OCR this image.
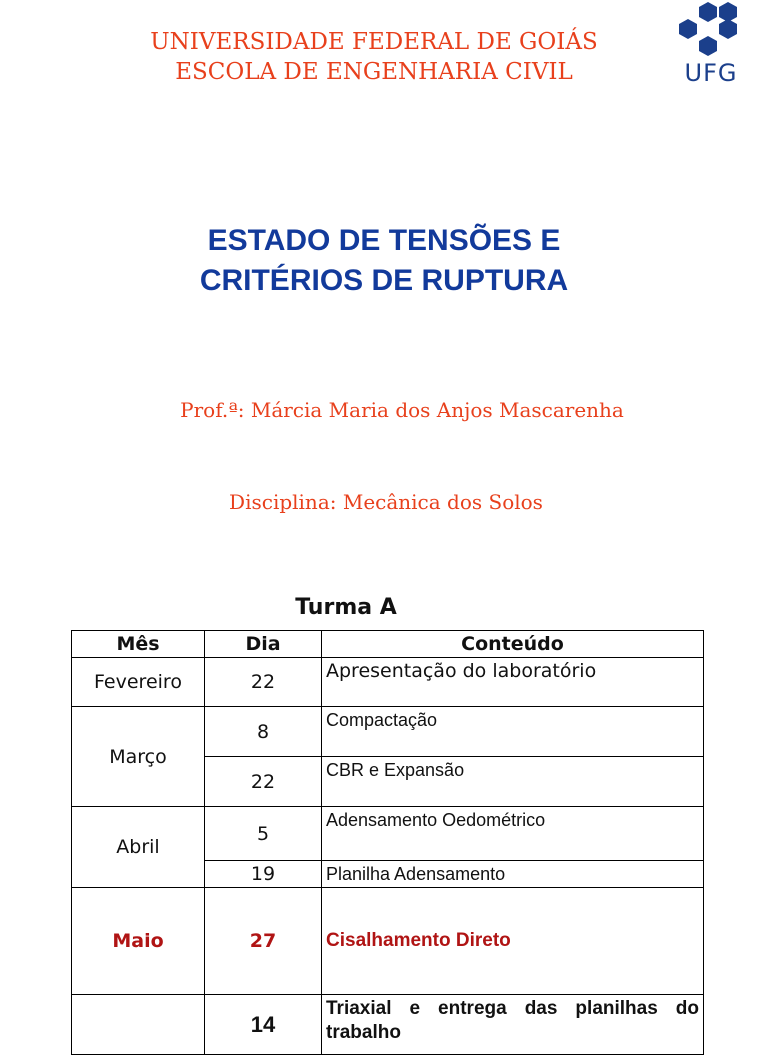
UNIVERSIDADE FEDERAL DE GOIÁS
ESCOLA DE ENGENHARIA CIVIL	UFG
ESTADO DE TENSÕES E
CRITÉRIOS DE RUPTURA
Prof.ª: Márcia Maria dos Anjos Mascarenha
Disciplina: Mecânica dos Solos
Turma A
Mês	Dia	Conteúdo
Fevereiro	22	Apresentação do laboratório
Março	8	Compactação
	22	CBR e Expansão
Abril	5	Adensamento Oedométrico
	19	Planilha Adensamento
Maio	27	Cisalhamento Direto
	14	Triaxial e entrega das planilhas do trabalho
